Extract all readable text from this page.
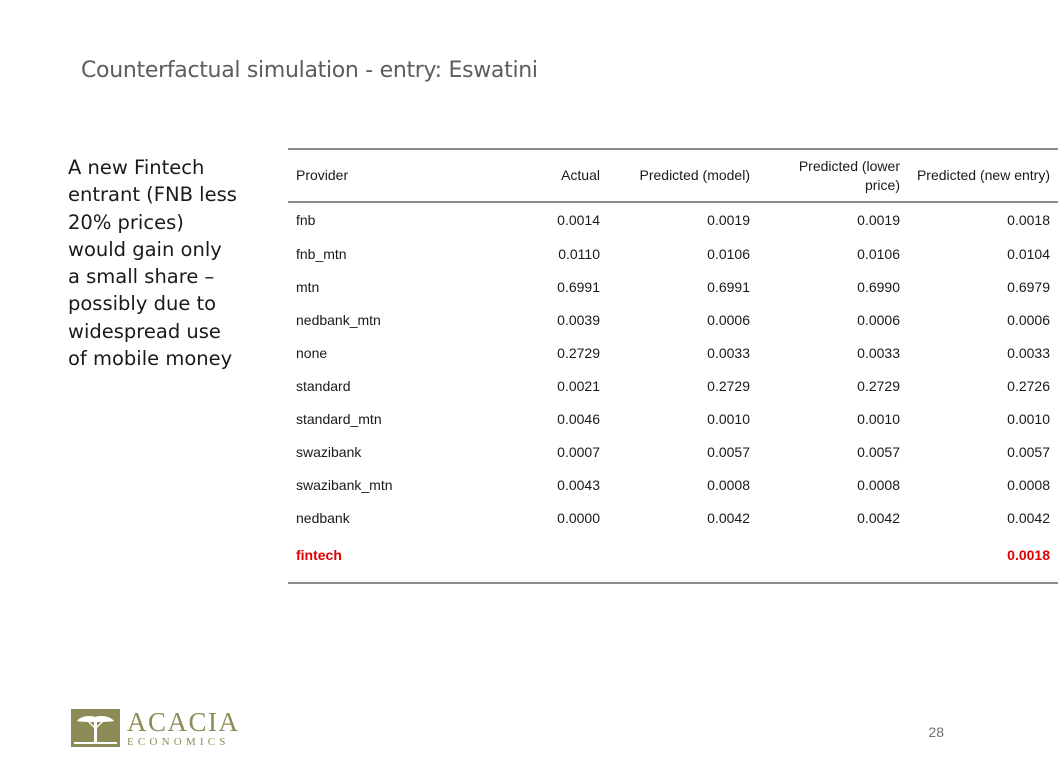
Counterfactual simulation - entry: Eswatini
A new Fintech entrant (FNB less 20% prices) would gain only a small share – possibly due to widespread use of mobile money
Provider	Actual	Predicted (model)	Predicted (lower price)	Predicted (new entry)
fnb	0.0014	0.0019	0.0019	0.0018
fnb_mtn	0.0110	0.0106	0.0106	0.0104
mtn	0.6991	0.6991	0.6990	0.6979
nedbank_mtn	0.0039	0.0006	0.0006	0.0006
none	0.2729	0.0033	0.0033	0.0033
standard	0.0021	0.2729	0.2729	0.2726
standard_mtn	0.0046	0.0010	0.0010	0.0010
swazibank	0.0007	0.0057	0.0057	0.0057
swazibank_mtn	0.0043	0.0008	0.0008	0.0008
nedbank	0.0000	0.0042	0.0042	0.0042
fintech				0.0018
ACACIA
ECONOMICS
28
